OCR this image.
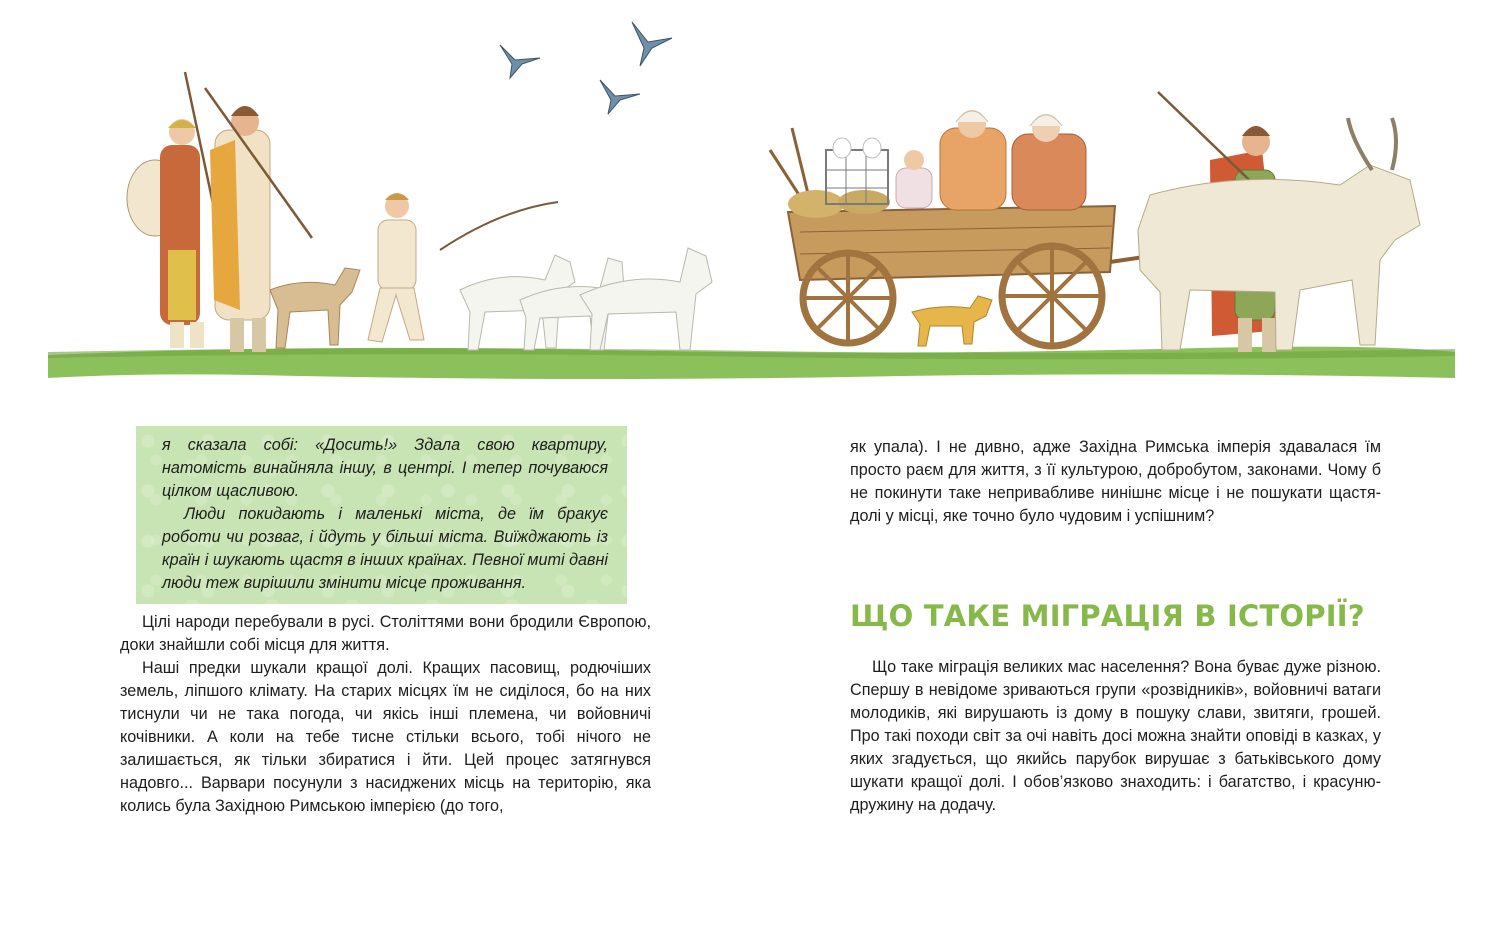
я сказала собі: «Досить!» Здала свою квартиру, натомість винайняла іншу, в центрі. І тепер почуваюся цілком щасливою.

Люди покидають і маленькі міста, де їм бракує роботи чи розваг, і йдуть у більші міста. Виїжджають із країн і шукають щастя в інших країнах. Певної миті давні люди теж вирішили змінити місце проживання.

Цілі народи перебували в русі. Століттями вони бродили Європою, доки знайшли собі місця для життя.

Наші предки шукали кращої долі. Кращих пасовищ, родючіших земель, ліпшого клімату. На старих місцях їм не сиділося, бо на них тиснули чи не така погода, чи якісь інші племена, чи войовничі кочівники. А коли на тебе тисне стільки всього, тобі нічого не залишається, як тільки збиратися і йти. Цей процес затягнувся надовго... Варвари посунули з насиджених місць на територію, яка колись була Західною Римською імперією (до того,

як упала). І не дивно, адже Західна Римська імперія здавалася їм просто раєм для життя, з її культурою, добробутом, законами. Чому б не покинути таке непривабливе нинішнє місце і не пошукати щастя-долі у місці, яке точно було чудовим і успішним?

ЩО ТАКЕ МІГРАЦІЯ В ІСТОРІЇ?

Що таке міграція великих мас населення? Вона буває дуже різною. Спершу в невідоме зриваються групи «розвідників», войовничі ватаги молодиків, які вирушають із дому в пошуку слави, звитяги, грошей. Про такі походи світ за очі навіть досі можна знайти оповіді в казках, у яких згадується, що якийсь парубок вирушає з батьківського дому шукати кращої долі. І обов’язково знаходить: і багатство, і красуню-дружину на додачу.
